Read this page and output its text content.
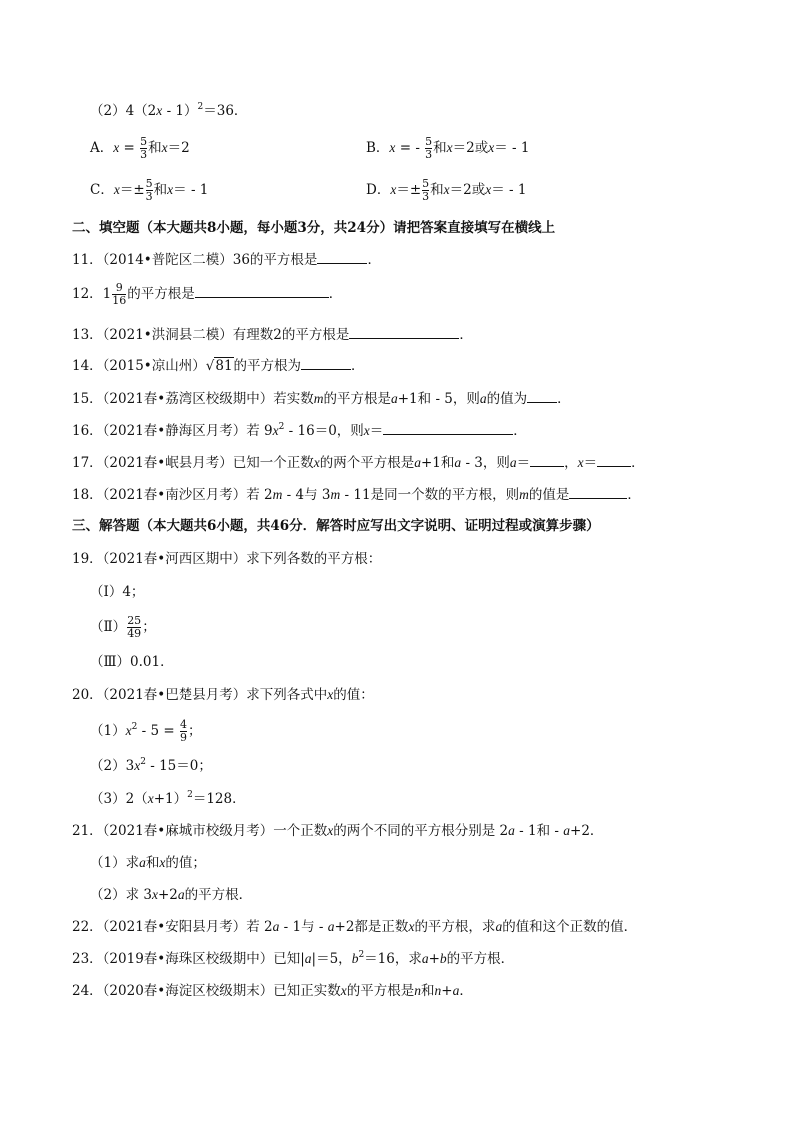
（2）4（2x - 1）$^2$＝36．
A．$x = \frac{5}{3}$ 和x＝2	B．x = - $\frac{5}{3}$ 和x＝2或x＝ - 1
C．$x=\pm \frac{5}{3}$ 和x＝ - 1	D．$x=\pm \frac{5}{3}$ 和x＝2或x＝ - 1
二、填空题（本大题共8小题，每小题3分，共24分）请把答案直接填写在横线上
11．（2014•普陀区二模）36的平方根是	．
12．$1 \frac{9}{16}$ 的平方根是	．
13．（2021•洪洞县二模）有理数2的平方根是	．
14．（2015•凉山州）√81的平方根为	．
15．（2021春•荔湾区校级期中）若实数m的平方根是a+1和 - 5，则a的值为 ．
16．（2021春•静海区月考）若 $9x^2 - 16=0$，则x＝	．
17．（2021春•岷县月考）已知一个正数x的两个平方根是a+1和a - 3，则a＝	，x＝	．
18．（2021春•南沙区月考）若 2m - 4与 3m - 11是同一个数的平方根，则m的值是	．
三、解答题（本大题共6小题，共46分．解答时应写出文字说明、证明过程或演算步骤）
19．（2021春•河西区期中）求下列各数的平方根：
（Ⅰ）4；
（Ⅱ） $\frac{25}{49}$ ；
（Ⅲ）0.01．
20．（2021春•巴楚县月考）求下列各式中x的值：
$(1)x^2 - 5 = \frac{4}{9}$ ；
$(2)3x^2 - 15=0$；
$(3)2(x+1)^2=128$．
21．（2021春•麻城市校级月考）一个正数x的两个不同的平方根分别是 2a - 1和 - a+2．
（1）求a和x的值；
（2）求 3x+2a的平方根．
22．（2021春•安阳县月考）若 2a - 1与 - a+2都是正数x的平方根，求a的值和这个正数的值．
23．（2019春•海珠区校级期中）已知|a|＝5，$b^2=16$，求a+b的平方根．
24．（2020春•海淀区校级期末）已知正实数x的平方根是n和n+a．
